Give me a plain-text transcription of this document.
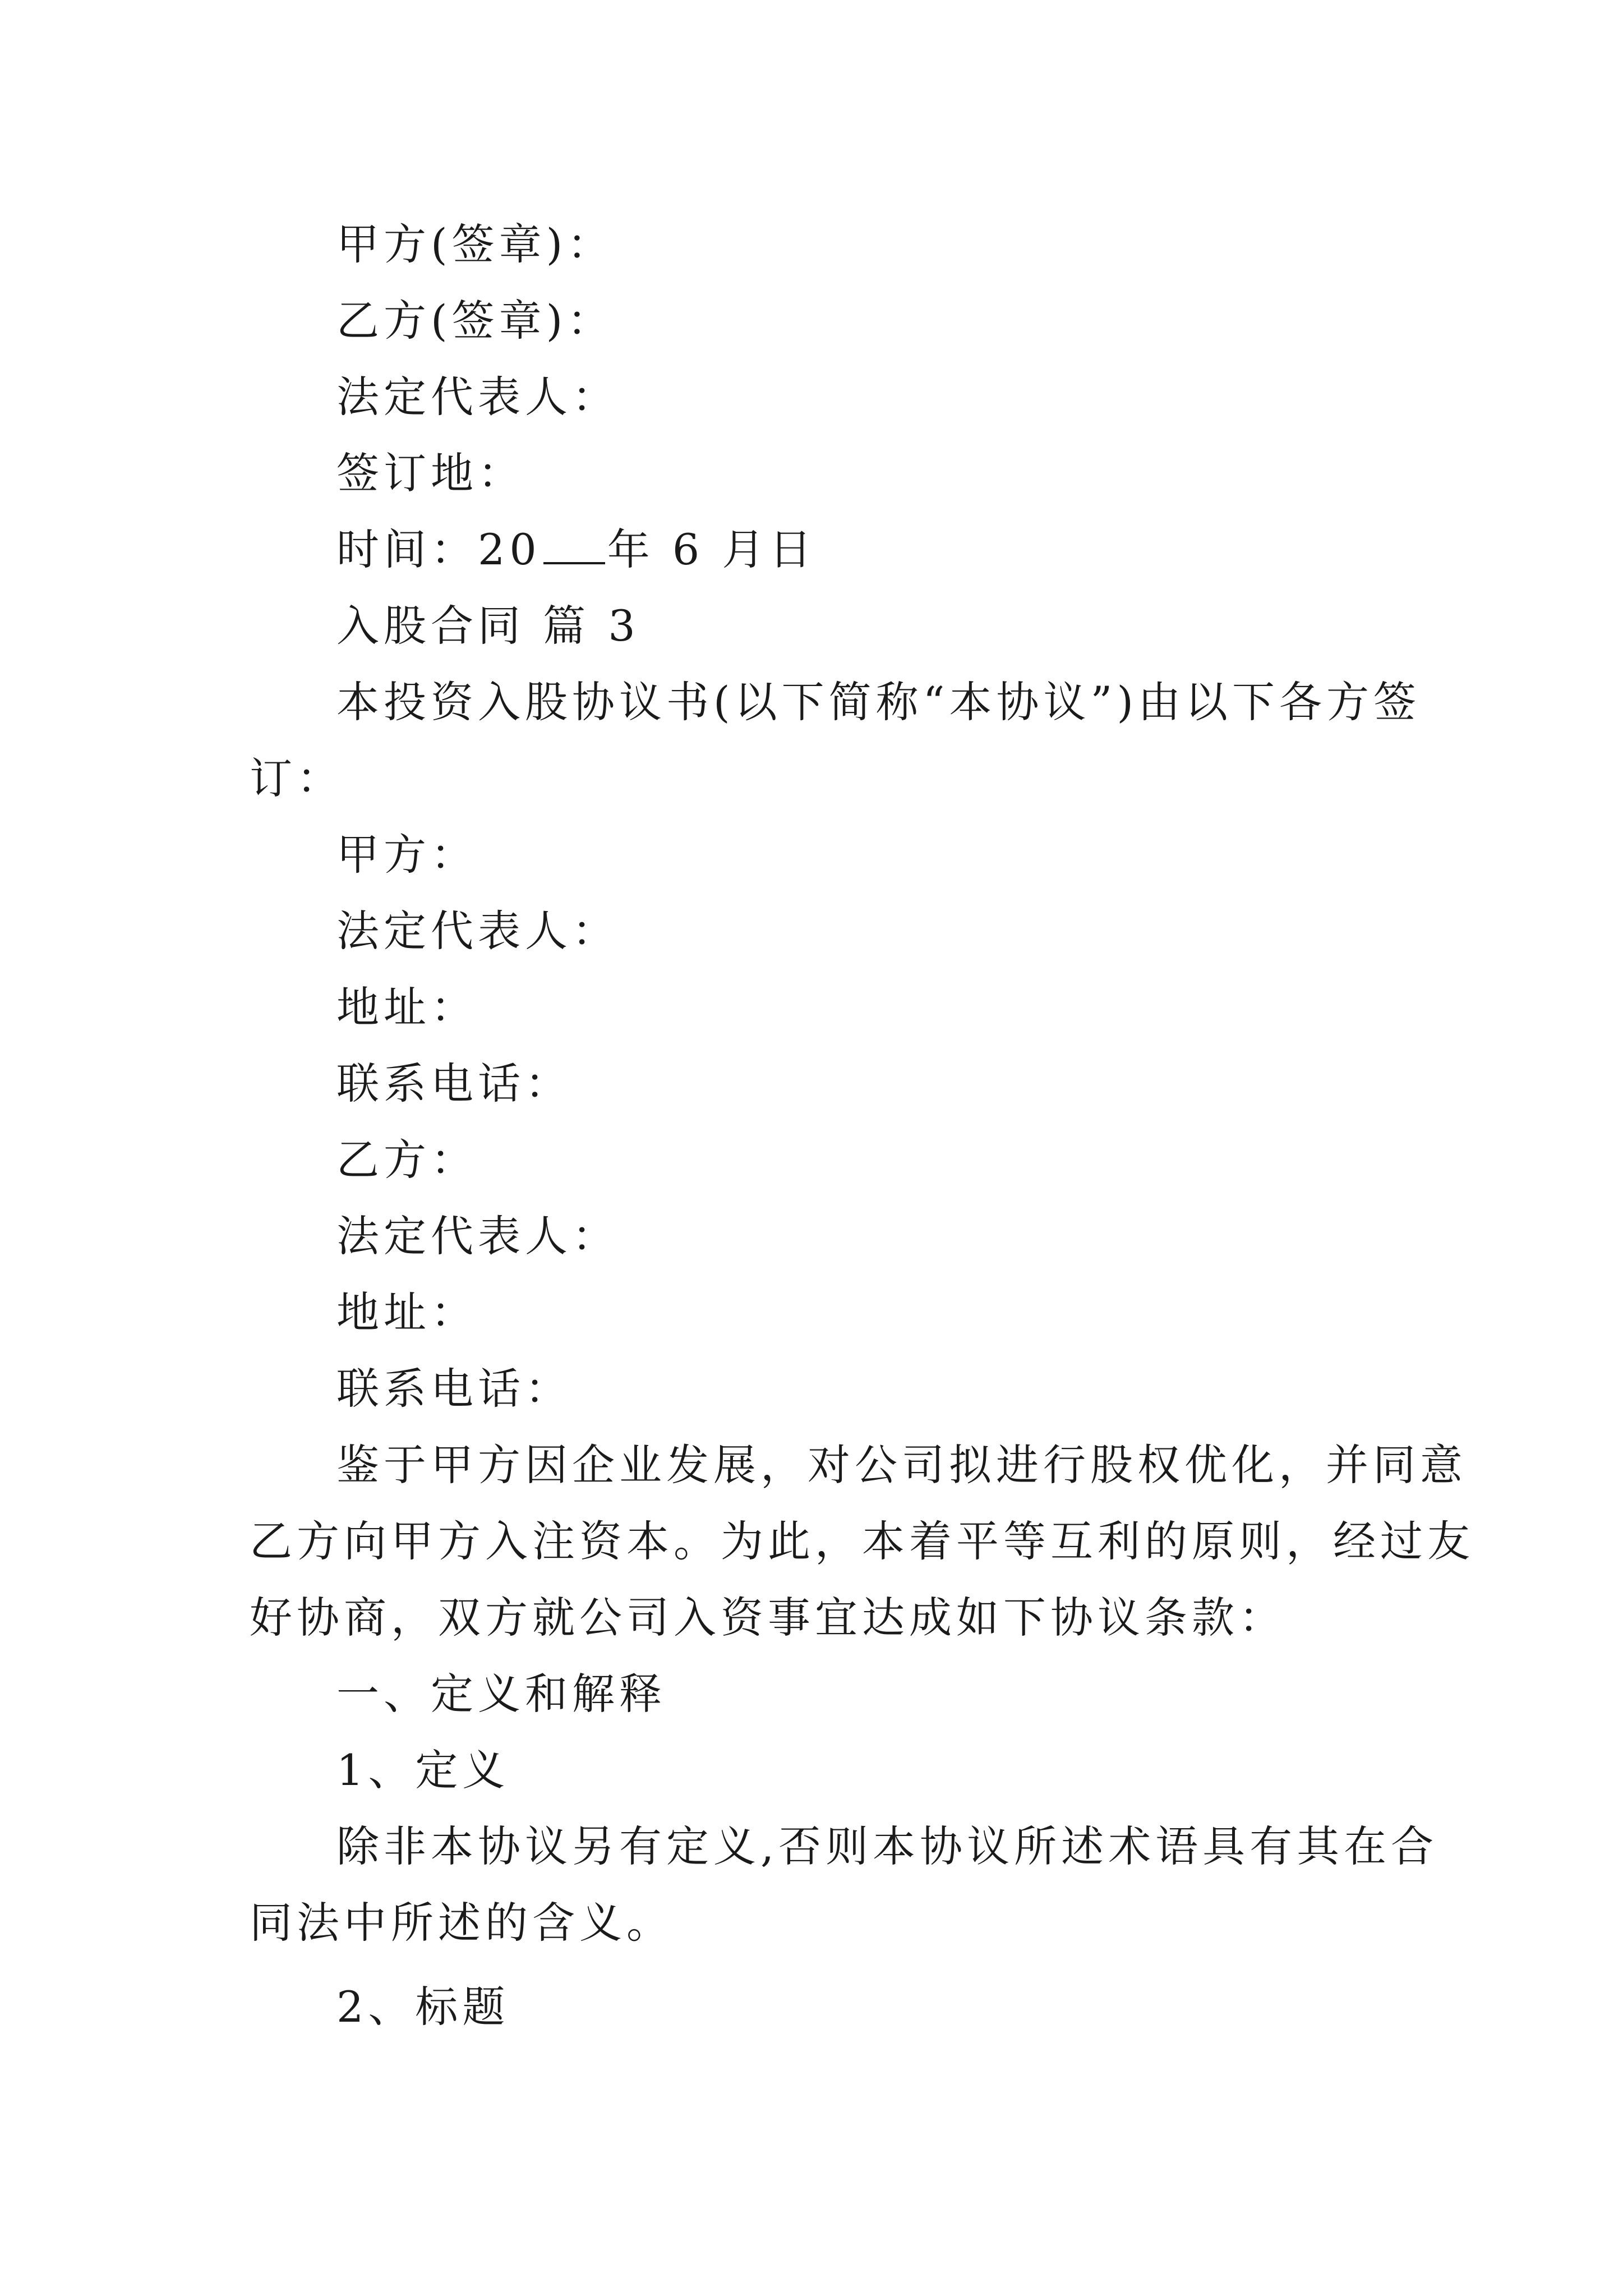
甲方(签章)：
乙方(签章)：
法定代表人：
签订地：
时间：20 年 6 月日
入股合同 篇 3
本投资入股协议书(以下简称“本协议”)由以下各方签
订：
甲方：
法定代表人：
地址：
联系电话：
乙方：
法定代表人：
地址：
联系电话：
鉴于甲方因企业发展，对公司拟进行股权优化，并同意
乙方向甲方入注资本。为此，本着平等互利的原则，经过友
好协商，双方就公司入资事宜达成如下协议条款：
一、定义和解释
1、定义
除非本协议另有定义,否则本协议所述术语具有其在合
同法中所述的含义。
2、标题
